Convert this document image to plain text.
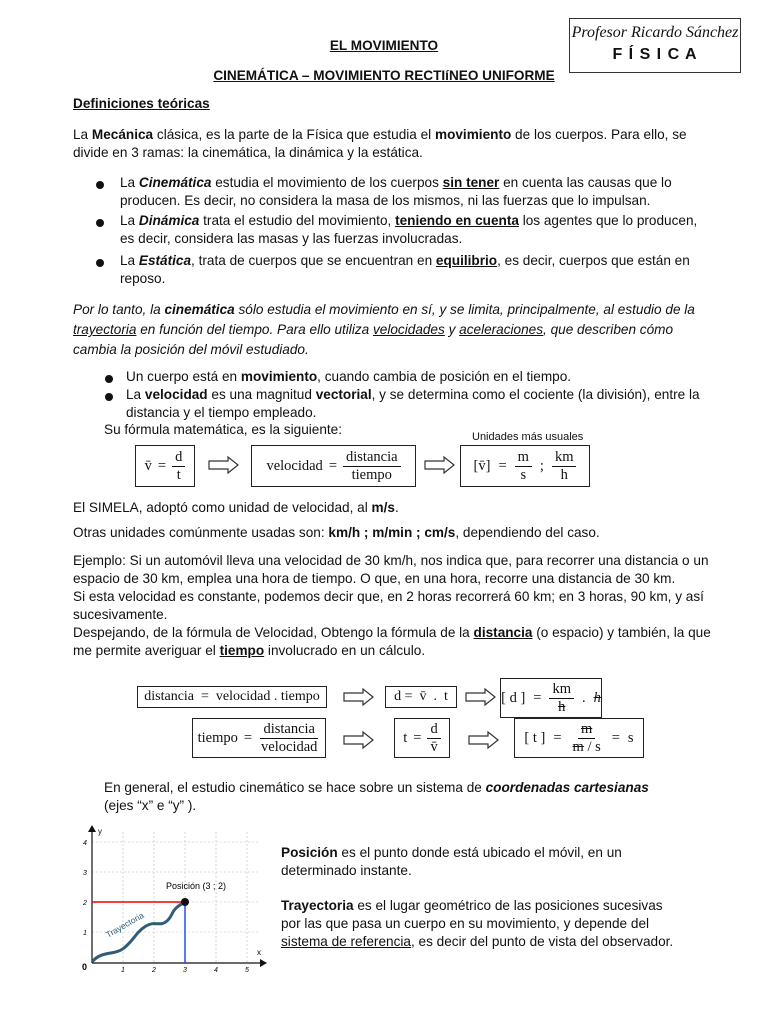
Profesor Ricardo Sánchez
F Í S I C A
EL MOVIMIENTO
CINEMÁTICA – MOVIMIENTO RECTIíNEO UNIFORME
Definiciones teóricas
La Mecánica clásica, es la parte de la Física que estudia el movimiento de los cuerpos. Para ello, se divide en 3 ramas: la cinemática, la dinámica y la estática.
La Cinemática estudia el movimiento de los cuerpos sin tener en cuenta las causas que lo producen. Es decir, no considera la masa de los mismos, ni las fuerzas que lo impulsan.
La Dinámica trata el estudio del movimiento, teniendo en cuenta los agentes que lo producen, es decir, considera las masas y las fuerzas involucradas.
La Estática, trata de cuerpos que se encuentran en equilibrio, es decir, cuerpos que están en reposo.
Por lo tanto, la cinemática sólo estudia el movimiento en sí, y se limita, principalmente, al estudio de la trayectoria en función del tiempo. Para ello utiliza velocidades y aceleraciones, que describen cómo cambia la posición del móvil estudiado.
Un cuerpo está en movimiento, cuando cambia de posición en el tiempo.
La velocidad es una magnitud vectorial, y se determina como el cociente (la división), entre la distancia y el tiempo empleado.
Su fórmula matemática, es la siguiente:	Unidades más usuales
v̄ = $\frac{d}{t}$	velocidad = $\frac{\text{distancia}}{\text{tiempo}}$	[v̄] = $\frac{m}{s}$ ; $\frac{km}{h}$
El SIMELA, adoptó como unidad de velocidad, al m/s.
Otras unidades comúnmente usadas son: km/h ; m/min ; cm/s, dependiendo del caso.

Ejemplo: Si un automóvil lleva una velocidad de 30 km/h, nos indica que, para recorrer una distancia o un espacio de 30 km, emplea una hora de tiempo. O que, en una hora, recorre una distancia de 30 km.

Si esta velocidad es constante, podemos decir que, en 2 horas recorrerá 60 km; en 3 horas, 90 km, y así sucesivamente.

Despejando, de la fórmula de Velocidad, Obtengo la fórmula de la distancia (o espacio) y también, la que me permite averiguar el tiempo involucrado en un cálculo.

distancia  =  velocidad . tiempo	d =  v̄  .  t	[ d ] = $\frac{km}{h}$ . h
tiempo = $\frac{\text{distancia}}{\text{velocidad}}$	$t = \frac{d}{v̄}$	[ t ] = $\frac{m}{m / s} = s$
En general, el estudio cinemático se hace sobre un sistema de coordenadas cartesianas
(ejes “x” e “y” ).
y
x
0	1	2	3	4	5
1
2
3
4
Posición (3 ; 2)
Trayectoria
Posición es el punto donde está ubicado el móvil, en un determinado instante.
Trayectoria es el lugar geométrico de las posiciones sucesivas por las que pasa un cuerpo en su movimiento, y depende del sistema de referencia, es decir del punto de vista del observador.
